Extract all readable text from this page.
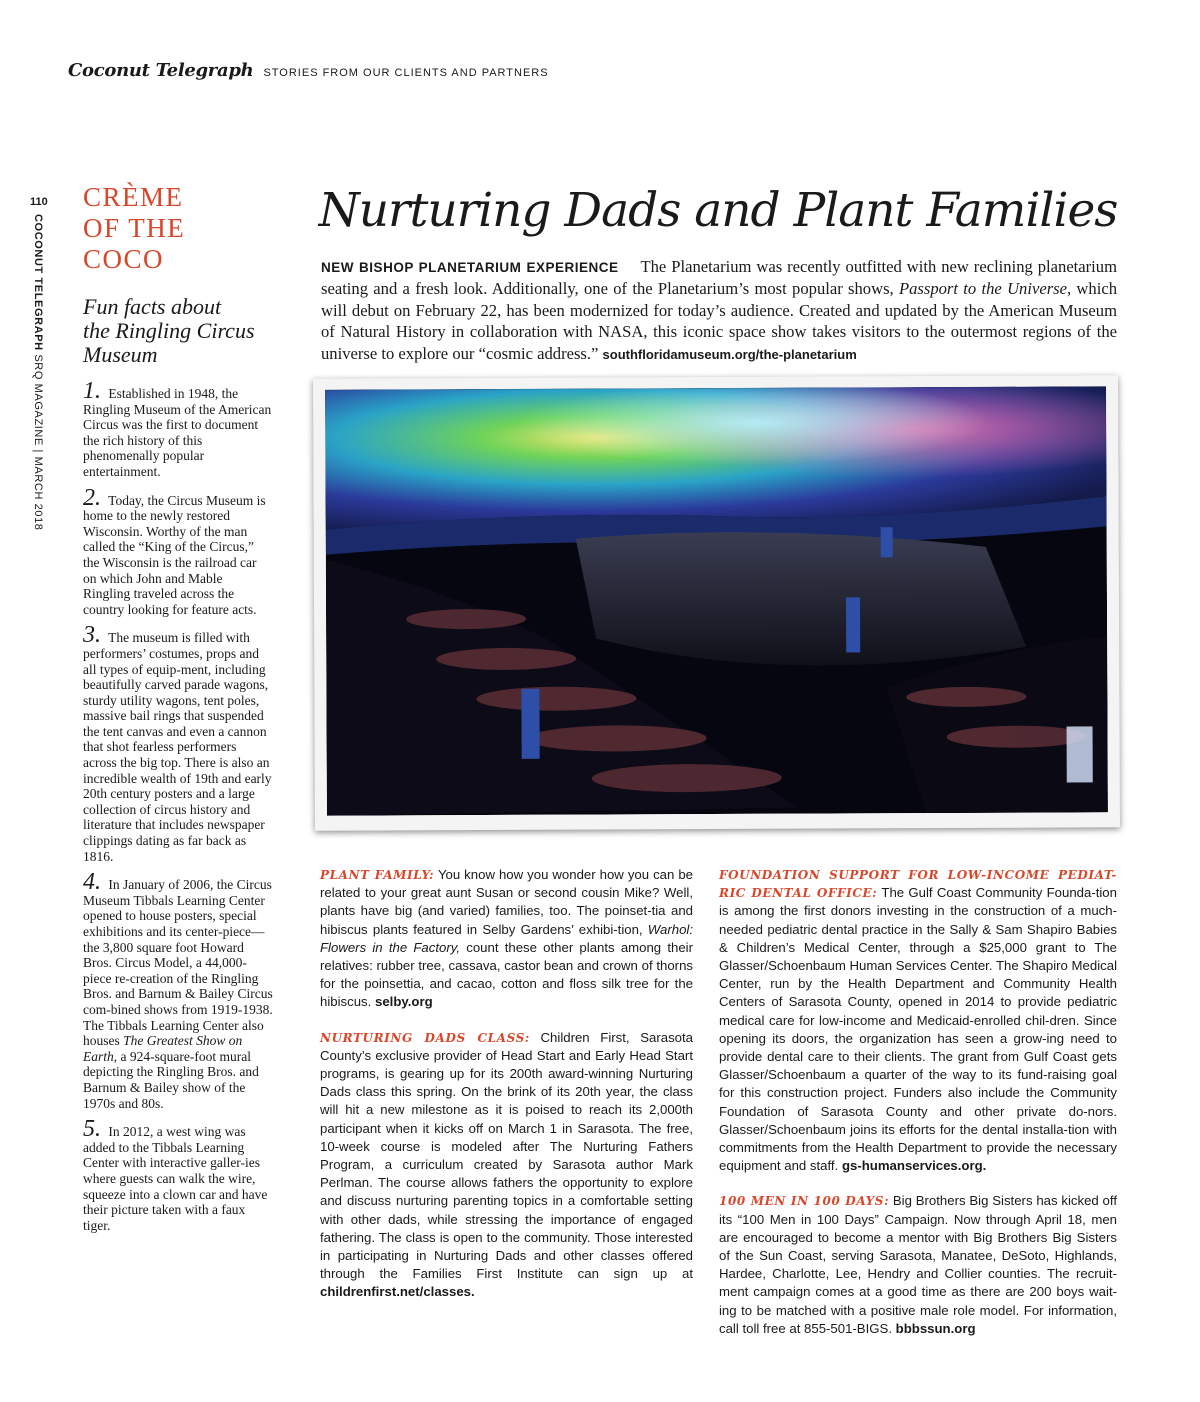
Coconut Telegraph STORIES FROM OUR CLIENTS AND PARTNERS
110
COCONUT TELEGRAPH SRQ MAGAZINE | MARCH 2018
CRÈME
OF THE
COCO
Fun facts about
the Ringling Circus
Museum
1. Established in 1948, the Ringling Museum of the American Circus was the first to document the rich history of this phenomenally popular entertainment.
2. Today, the Circus Museum is home to the newly restored Wisconsin. Worthy of the man called the “King of the Circus,” the Wisconsin is the railroad car on which John and Mable Ringling traveled across the country looking for feature acts.
3. The museum is filled with performers’ costumes, props and all types of equip-ment, including beautifully carved parade wagons, sturdy utility wagons, tent poles, massive bail rings that suspended the tent canvas and even a cannon that shot fearless performers across the big top. There is also an incredible wealth of 19th and early 20th century posters and a large collection of circus history and literature that includes newspaper clippings dating as far back as 1816.
4. In January of 2006, the Circus Museum Tibbals Learning Center opened to house posters, special exhibitions and its center-piece—the 3,800 square foot Howard Bros. Circus Model, a 44,000-piece re-creation of the Ringling Bros. and Barnum & Bailey Circus com-bined shows from 1919-1938. The Tibbals Learning Center also houses The Greatest Show on Earth, a 924-square-foot mural depicting the Ringling Bros. and Barnum & Bailey show of the 1970s and 80s.
5. In 2012, a west wing was added to the Tibbals Learning Center with interactive galler-ies where guests can walk the wire, squeeze into a clown car and have their picture taken with a faux tiger.
Nurturing Dads and Plant Families
NEW BISHOP PLANETARIUM EXPERIENCE The Planetarium was recently outfitted with new reclining planetarium seating and a fresh look. Additionally, one of the Planetarium’s most popular shows, Passport to the Universe, which will debut on February 22, has been modernized for today’s audience. Created and updated by the American Museum of Natural History in collaboration with NASA, this iconic space show takes visitors to the outermost regions of the universe to explore our “cosmic address.” southfloridamuseum.org/the-planetarium

PLANT FAMILY: You know how you wonder how you can be related to your great aunt Susan or second cousin Mike? Well, plants have big (and varied) families, too. The poinset-tia and hibiscus plants featured in Selby Gardens’ exhibi-tion, Warhol: Flowers in the Factory, count these other plants among their relatives: rubber tree, cassava, castor bean and crown of thorns for the poinsettia, and cacao, cotton and floss silk tree for the hibiscus. selby.org

NURTURING DADS CLASS: Children First, Sarasota County’s exclusive provider of Head Start and Early Head Start programs, is gearing up for its 200th award-winning Nurturing Dads class this spring. On the brink of its 20th year, the class will hit a new milestone as it is poised to reach its 2,000th participant when it kicks off on March 1 in Sarasota. The free, 10-week course is modeled after The Nurturing Fathers Program, a curriculum created by Sarasota author Mark Perlman. The course allows fathers the opportunity to explore and discuss nurturing parenting topics in a comfortable setting with other dads, while stressing the importance of engaged fathering. The class is open to the community. Those interested in participating in Nurturing Dads and other classes offered through the Families First Institute can sign up at childrenfirst.net/classes.

FOUNDATION SUPPORT FOR LOW-INCOME PEDIAT-RIC DENTAL OFFICE: The Gulf Coast Community Founda-tion is among the first donors investing in the construction of a much-needed pediatric dental practice in the Sally & Sam Shapiro Babies & Children’s Medical Center, through a $25,000 grant to The Glasser/Schoenbaum Human Services Center. The Shapiro Medical Center, run by the Health Department and Community Health Centers of Sarasota County, opened in 2014 to provide pediatric medical care for low-income and Medicaid-enrolled chil-dren. Since opening its doors, the organization has seen a grow-ing need to provide dental care to their clients. The grant from Gulf Coast gets Glasser/Schoenbaum a quarter of the way to its fund-raising goal for this construction project. Funders also include the Community Foundation of Sarasota County and other private do-nors. Glasser/Schoenbaum joins its efforts for the dental installa-tion with commitments from the Health Department to provide the necessary equipment and staff. gs-humanservices.org.

100 MEN IN 100 DAYS: Big Brothers Big Sisters has kicked off its “100 Men in 100 Days” Campaign. Now through April 18, men are encouraged to become a mentor with Big Brothers Big Sisters of the Sun Coast, serving Sarasota, Manatee, DeSoto, Highlands, Hardee, Charlotte, Lee, Hendry and Collier counties. The recruit-ment campaign comes at a good time as there are 200 boys wait-ing to be matched with a positive male role model. For information, call toll free at 855-501-BIGS. bbbssun.org
